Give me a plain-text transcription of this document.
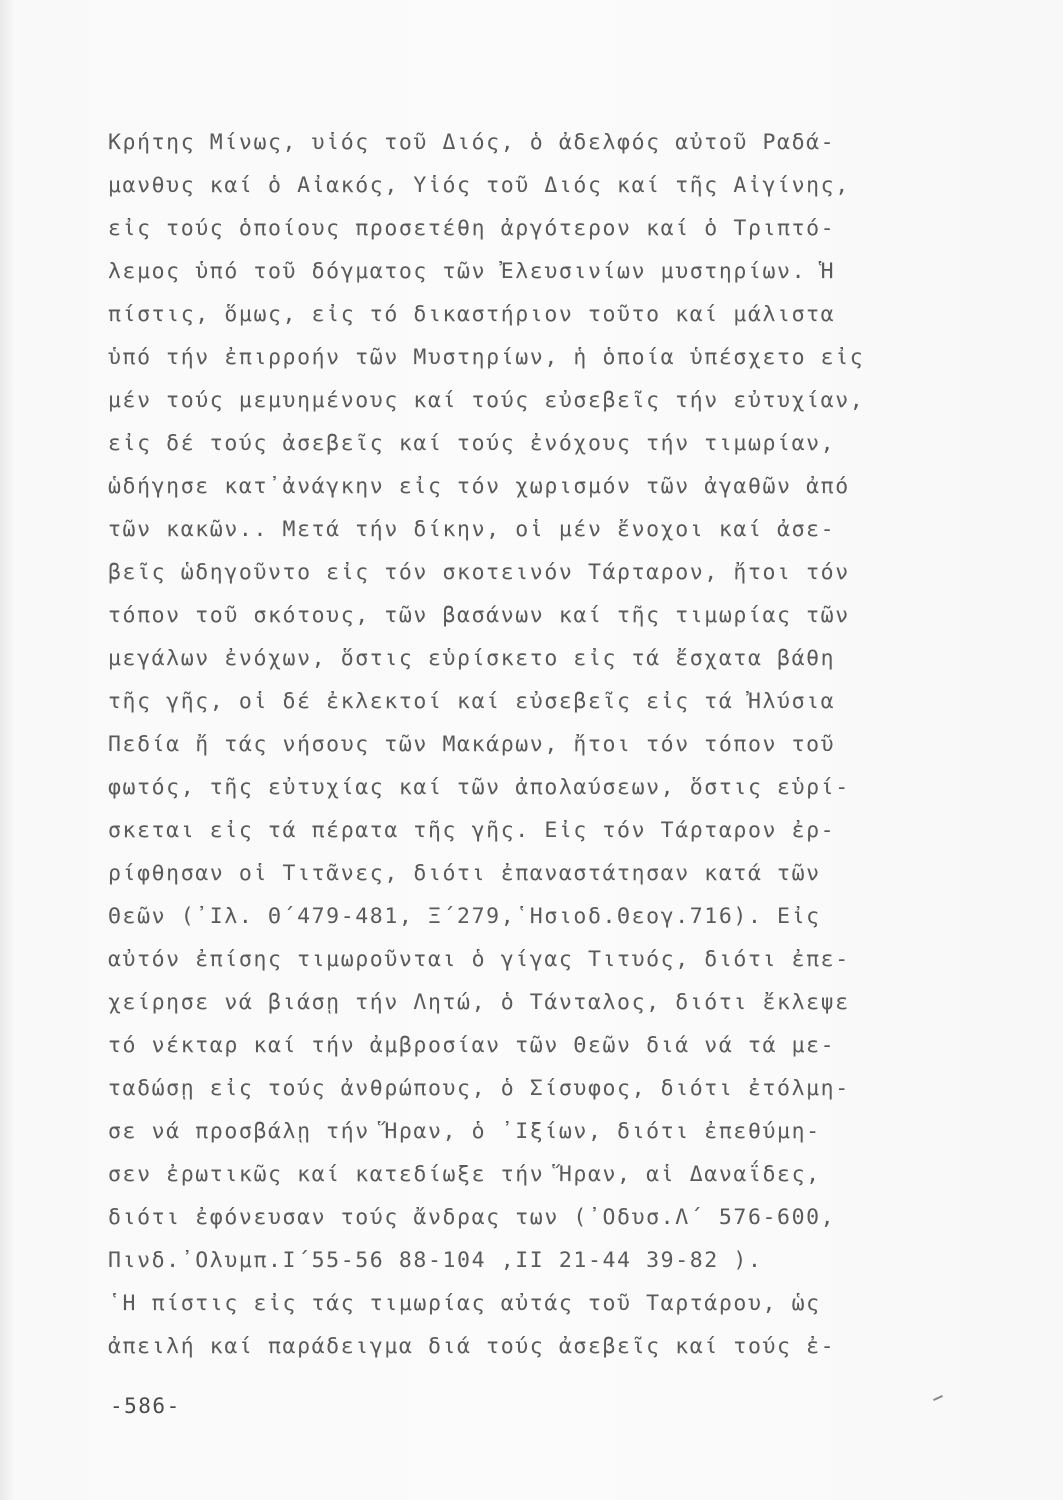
Κρήτης Μίνως, υἱός τοῦ Διός, ὁ ἀδελφός αὐτοῦ Ραδά-
μανθυς καί ὁ Αἰακός, Υἱός τοῦ Διός καί τῆς Αἰγίνης,
εἰς τούς ὁποίους προσετέθη ἀργότερον καί ὁ Τριπτό-
λεμος ὑπό τοῦ δόγματος τῶν Ἐλευσινίων μυστηρίων. Ἡ
πίστις, ὅμως, εἰς τό δικαστήριον τοῦτο καί μάλιστα
ὑπό τήν ἐπιρροήν τῶν Μυστηρίων, ἡ ὁποία ὑπέσχετο εἰς
μέν τούς μεμυημένους καί τούς εὐσεβεῖς τήν εὐτυχίαν,
εἰς δέ τούς ἀσεβεῖς καί τούς ἐνόχους τήν τιμωρίαν,
ὡδήγησε κατ᾽ἀνάγκην εἰς τόν χωρισμόν τῶν ἀγαθῶν ἀπό
τῶν κακῶν.. Μετά τήν δίκην, οἱ μέν ἔνοχοι καί ἀσε-
βεῖς ὡδηγοῦντο εἰς τόν σκοτεινόν Τάρταρον, ἤτοι τόν
τόπον τοῦ σκότους, τῶν βασάνων καί τῆς τιμωρίας τῶν
μεγάλων ἐνόχων, ὅστις εὑρίσκετο εἰς τά ἔσχατα βάθη
τῆς γῆς, οἱ δέ ἐκλεκτοί καί εὐσεβεῖς εἰς τά Ἠλύσια
Πεδία ἤ τάς νήσους τῶν Μακάρων, ἤτοι τόν τόπον τοῦ
φωτός, τῆς εὐτυχίας καί τῶν ἀπολαύσεων, ὅστις εὑρί-
σκεται εἰς τά πέρατα τῆς γῆς. Εἰς τόν Τάρταρον ἐρ-
ρίφθησαν οἱ Τιτᾶνες, διότι ἐπαναστάτησαν κατά τῶν
Θεῶν (᾽Ιλ. Θ΄479-481, Ξ΄279,῾Ησιοδ.Θεογ.716). Εἰς
αὐτόν ἐπίσης τιμωροῦνται ὁ γίγας Τιτυός, διότι ἐπε-
χείρησε νά βιάσῃ τήν Λητώ, ὁ Τάνταλος, διότι ἔκλεψε
τό νέκταρ καί τήν ἀμβροσίαν τῶν Θεῶν διά νά τά με-
ταδώσῃ εἰς τούς ἀνθρώπους, ὁ Σίσυφος, διότι ἐτόλμη-
σε νά προσβάλῃ τήν Ἥραν, ὁ ᾽Ιξίων, διότι ἐπεθύμη-
σεν ἐρωτικῶς καί κατεδίωξε τήν Ἥραν, αἱ Δαναΐδες,
διότι ἐφόνευσαν τούς ἄνδρας των (᾽Οδυσ.Λ΄ 576-600,
Πινδ.᾽Ολυμπ.Ι΄55-56 88-104 ,ΙΙ 21-44 39-82 ).
῾Η πίστις εἰς τάς τιμωρίας αὐτάς τοῦ Ταρτάρου, ὡς
ἀπειλή καί παράδειγμα διά τούς ἀσεβεῖς καί τούς ἐ-
-586-
